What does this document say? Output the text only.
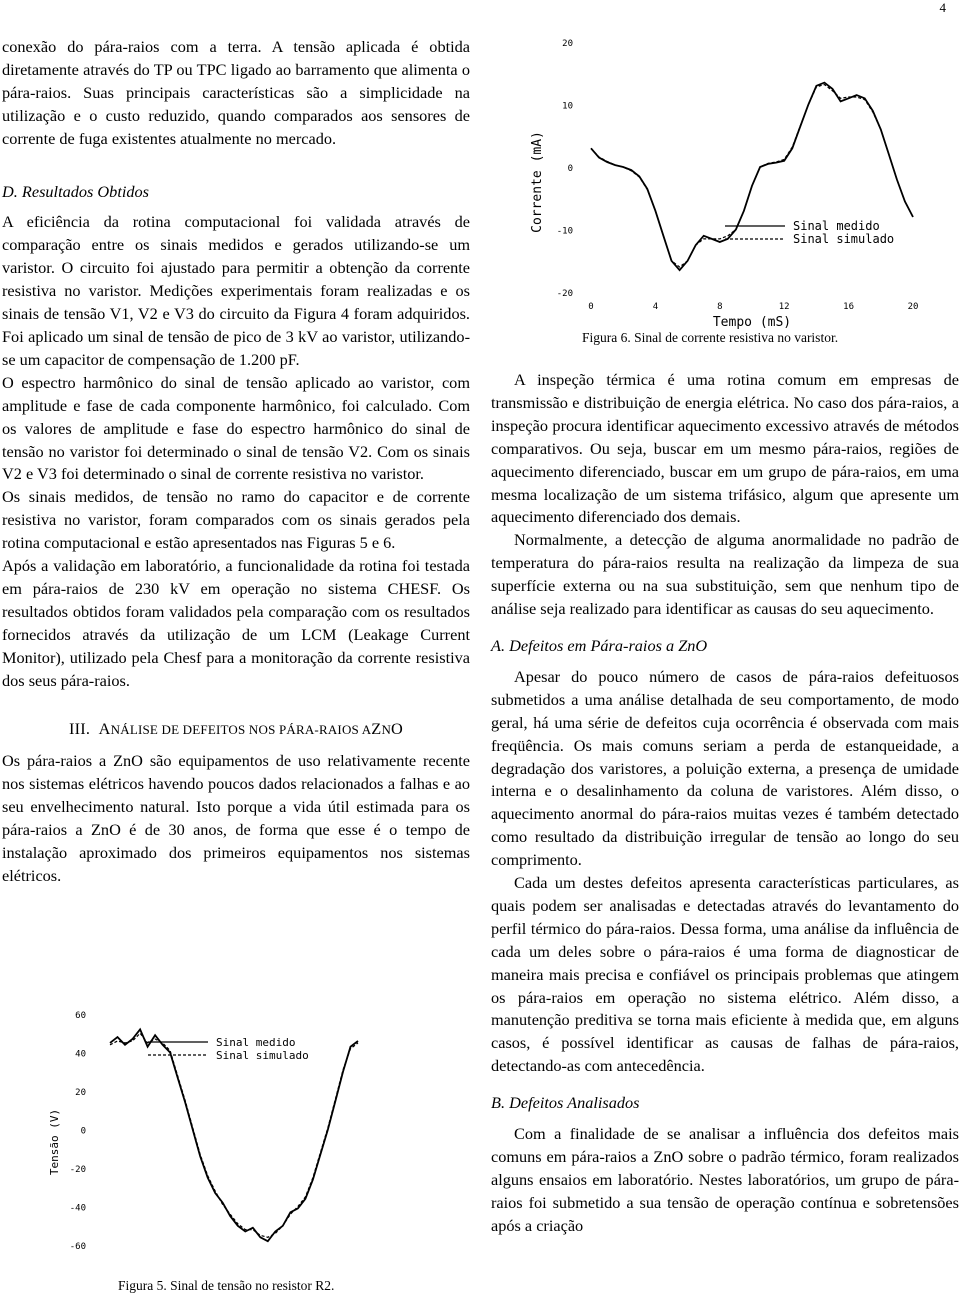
4

conexão do pára-raios com a terra. A tensão aplicada é obtida diretamente através do TP ou TPC ligado ao barramento que alimenta o pára-raios. Suas principais características são a simplicidade na utilização e o custo reduzido, quando comparados aos sensores de corrente de fuga existentes atualmente no mercado.

D. Resultados Obtidos

A eficiência da rotina computacional foi validada através de comparação entre os sinais medidos e gerados utilizando-se um varistor. O circuito foi ajustado para permitir a obtenção da corrente resistiva no varistor. Medições experimentais foram realizadas e os sinais de tensão V1, V2 e V3 do circuito da Figura 4 foram adquiridos. Foi aplicado um sinal de tensão de pico de 3 kV ao varistor, utilizando-se um capacitor de compensação de 1.200 pF.

O espectro harmônico do sinal de tensão aplicado ao varistor, com amplitude e fase de cada componente harmônico, foi calculado. Com os valores de amplitude e fase do espectro harmônico do sinal de tensão no varistor foi determinado o sinal de tensão V2. Com os sinais V2 e V3 foi determinado o sinal de corrente resistiva no varistor.

Os sinais medidos, de tensão no ramo do capacitor e de corrente resistiva no varistor, foram comparados com os sinais gerados pela rotina computacional e estão apresentados nas Figuras 5 e 6.

Após a validação em laboratório, a funcionalidade da rotina foi testada em pára-raios de 230 kV em operação no sistema CHESF. Os resultados obtidos foram validados pela comparação com os resultados fornecidos através da utilização de um LCM (Leakage Current Monitor), utilizado pela Chesf para a monitoração da corrente resistiva dos seus pára-raios.

III. ANÁLISE DE DEFEITOS NOS PÁRA-RAIOS AZNO

Os pára-raios a ZnO são equipamentos de uso relativamente recente nos sistemas elétricos havendo poucos dados relacionados a falhas e ao seu envelhecimento natural. Isto porque a vida útil estimada para os pára-raios a ZnO é de 30 anos, de forma que esse é o tempo de instalação aproximado dos primeiros equipamentos nos sistemas elétricos.

Tensão (V)
60
40
20
0
-20
-40
-60
Sinal medido
Sinal simulado
Figura 5. Sinal de tensão no resistor R2.
Corrente (mA)
Tempo (mS)
20
10
0
-10
-20
0	4	8	12	16	20
Sinal medido
Sinal simulado
Figura 6. Sinal de corrente resistiva no varistor.

A inspeção térmica é uma rotina comum em empresas de transmissão e distribuição de energia elétrica. No caso dos pára-raios, a inspeção procura identificar aquecimento excessivo através de métodos comparativos. Ou seja, buscar em um mesmo pára-raios, regiões de aquecimento diferenciado, buscar em um grupo de pára-raios, em uma mesma localização de um sistema trifásico, algum que apresente um aquecimento diferenciado dos demais.

Normalmente, a detecção de alguma anormalidade no padrão de temperatura do pára-raios resulta na realização da limpeza de sua superfície externa ou na sua substituição, sem que nenhum tipo de análise seja realizado para identificar as causas do seu aquecimento.

A. Defeitos em Pára-raios a ZnO

Apesar do pouco número de casos de pára-raios defeituosos submetidos a uma análise detalhada de seu comportamento, de modo geral, há uma série de defeitos cuja ocorrência é observada com mais freqüência. Os mais comuns seriam a perda de estanqueidade, a degradação dos varistores, a poluição externa, a presença de umidade interna e o desalinhamento da coluna de varistores. Além disso, o aquecimento anormal do pára-raios muitas vezes é também detectado como resultado da distribuição irregular de tensão ao longo do seu comprimento.

Cada um destes defeitos apresenta características particulares, as quais podem ser analisadas e detectadas através do levantamento do perfil térmico do pára-raios. Dessa forma, uma análise da influência de cada um deles sobre o pára-raios é uma forma de diagnosticar de maneira mais precisa e confiável os principais problemas que atingem os pára-raios em operação no sistema elétrico. Além disso, a manutenção preditiva se torna mais eficiente à medida que, em alguns casos, é possível identificar as causas de falhas de pára-raios, detectando-as com antecedência.

B. Defeitos Analisados

Com a finalidade de se analisar a influência dos defeitos mais comuns em pára-raios a ZnO sobre o padrão térmico, foram realizados alguns ensaios em laboratório. Nestes laboratórios, um grupo de pára-raios foi submetido a sua tensão de operação contínua e sobretensões após a criação
